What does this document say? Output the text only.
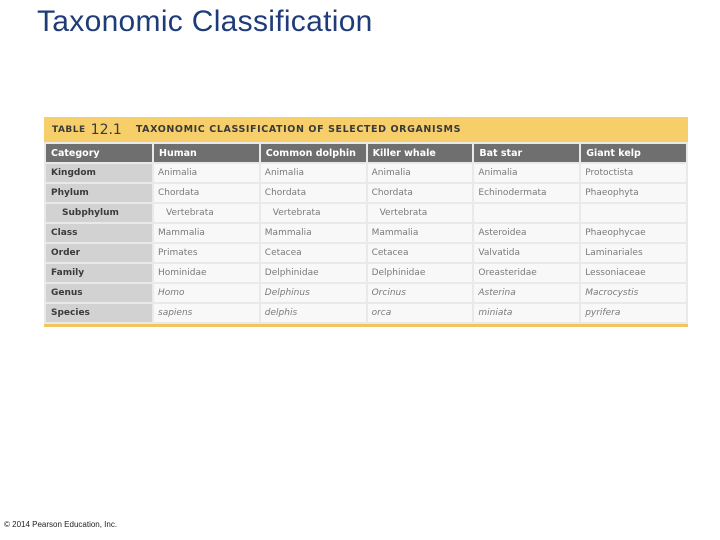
Taxonomic Classification
TABLE 12.1 TAXONOMIC CLASSIFICATION OF SELECTED ORGANISMS
Category	Human	Common dolphin	Killer whale	Bat star	Giant kelp
Kingdom	Animalia	Animalia	Animalia	Animalia	Protoctista
Phylum	Chordata	Chordata	Chordata	Echinodermata	Phaeophyta
Subphylum	Vertebrata	Vertebrata	Vertebrata		
Class	Mammalia	Mammalia	Mammalia	Asteroidea	Phaeophycae
Order	Primates	Cetacea	Cetacea	Valvatida	Laminariales
Family	Hominidae	Delphinidae	Delphinidae	Oreasteridae	Lessoniaceae
Genus	Homo	Delphinus	Orcinus	Asterina	Macrocystis
Species	sapiens	delphis	orca	miniata	pyrifera
© 2014 Pearson Education, Inc.
